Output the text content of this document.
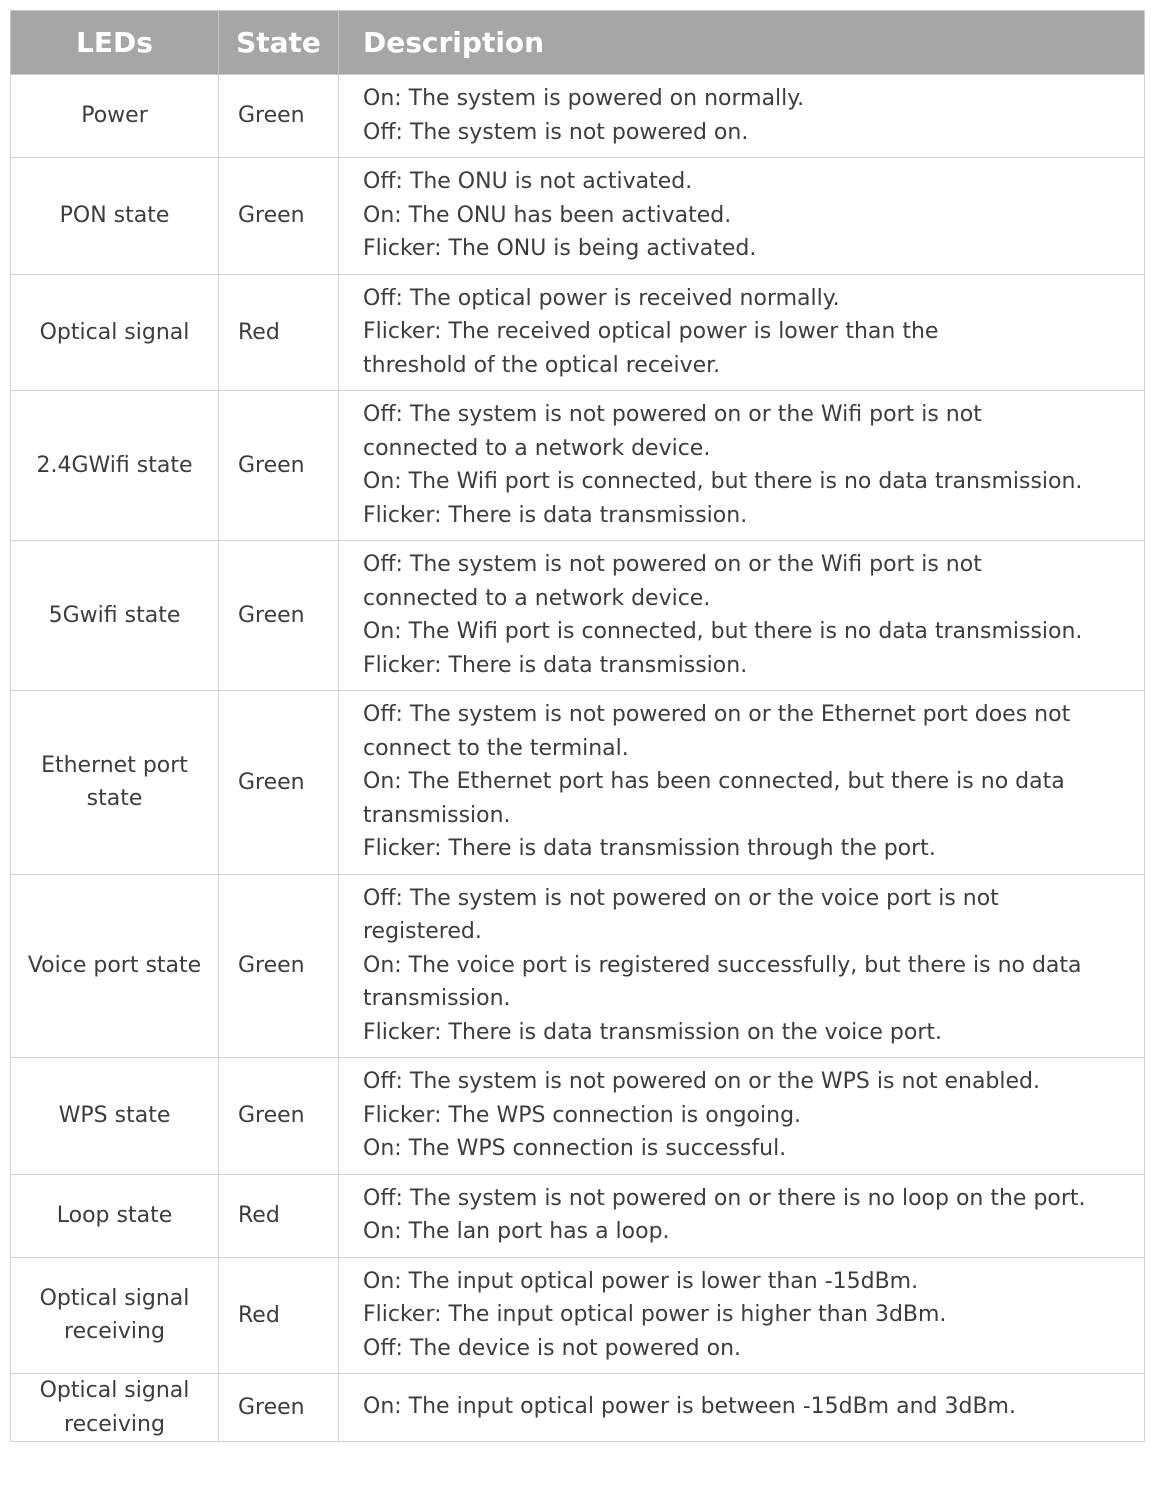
LEDs	State	Description
Power	Green	On: The system is powered on normally.
Off: The system is not powered on.

PON state	Green	Off: The ONU is not activated.
On: The ONU has been activated.
Flicker: The ONU is being activated.

Optical signal	Red	Off: The optical power is received normally.
Flicker: The received optical power is lower than the
threshold of the optical receiver.

2.4GWifi state	Green	Off: The system is not powered on or the Wifi port is not
connected to a network device.
On: The Wifi port is connected, but there is no data transmission.
Flicker: There is data transmission.

5Gwifi state	Green	Off: The system is not powered on or the Wifi port is not
connected to a network device.
On: The Wifi port is connected, but there is no data transmission.
Flicker: There is data transmission.

Ethernet port state	Green	Off: The system is not powered on or the Ethernet port does not
connect to the terminal.
On: The Ethernet port has been connected, but there is no data
transmission.
Flicker: There is data transmission through the port.

Voice port state	Green	Off: The system is not powered on or the voice port is not
registered.
On: The voice port is registered successfully, but there is no data
transmission.
Flicker: There is data transmission on the voice port.

WPS state	Green	Off: The system is not powered on or the WPS is not enabled.
Flicker: The WPS connection is ongoing.
On: The WPS connection is successful.

Loop state	Red	Off: The system is not powered on or there is no loop on the port.
On: The lan port has a loop.

Optical signal receiving	Red	On: The input optical power is lower than -15dBm.
Flicker: The input optical power is higher than 3dBm.
Off: The device is not powered on.

Optical signal receiving	Green	On: The input optical power is between -15dBm and 3dBm.
